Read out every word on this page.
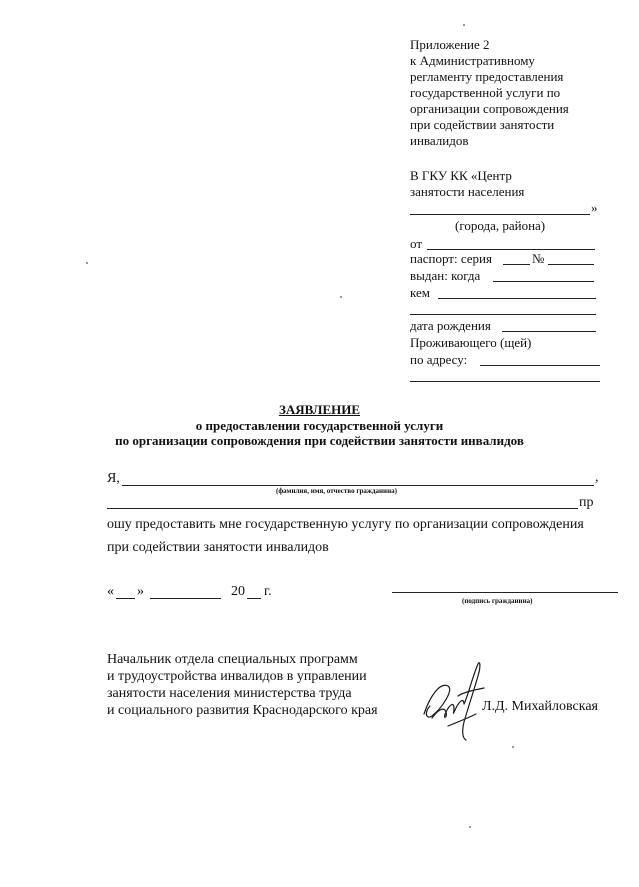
Приложение 2
к Административному
регламенту предоставления
государственной услуги по
организации сопровождения
при содействии занятости
инвалидов
В ГКУ КК «Центр
занятости населения
»
(города, района)
от
паспорт: серия	№
выдан: когда
кем
дата рождения
Проживающего (щей)
по адресу:
ЗАЯВЛЕНИЕ
о предоставлении государственной услуги
по организации сопровождения при содействии занятости инвалидов
Я,	,
(фамилия, имя, отчество гражданина)
пр
ошу предоставить мне государственную услугу по организации сопровождения
при содействии занятости инвалидов
« »	20 г.
(подпись гражданина)
Начальник отдела специальных программ
и трудоустройства инвалидов в управлении
занятости населения министерства труда
и социального развития Краснодарского края	Л.Д. Михайловская
